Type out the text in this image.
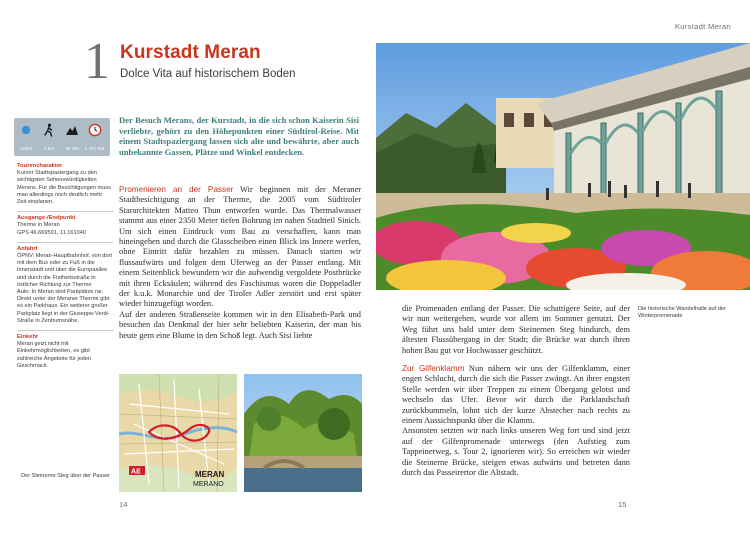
1 Kurstadt Meran
Dolce Vita auf historischem Boden
Leicht	3 km	50 Hm	1–1½ Std.
Tourencharakter
Kurzer Stadtspaziergang zu den wichtigsten Sehenswürdigkeiten Merans. Für die Besichtigungen muss man allerdings noch deutlich mehr Zeit einplanen.
Ausgangs-/Endpunkt
Therme in Meran
GPS 46.669591, 11.161040
Anfahrt
ÖPNV: Meran-Hauptbahnhof, von dort mit dem Bus oder zu Fuß in die Innenstadt und über die Europaallee und durch die Freiheitsstraße in östlicher Richtung zur Therme
Auto: In Meran sind Parkplätze rar. Direkt unter der Meraner Therme gibt es ein Parkhaus. Ein weiterer großer Parkplatz liegt in der Giuseppe-Verdi-Straße in Zentrumsnähe.
Einkehr
Meran geizt nicht mit Einkehrmöglichkeiten, es gibt zahlreiche Angebote für jeden Geschmack.
Der Besuch Merans, der Kurstadt, in die sich schon Kaiserin Sisi verliebte, gehört zu den Höhepunkten einer Südtirol-Reise. Mit einem Stadtspaziergang lassen sich alte und bewährte, aber auch unbekannte Gassen, Plätze und Winkel entdecken.
Promenieren an der Passer Wir beginnen mit der Meraner Stadtbesichtigung an der Therme, die 2005 vom Südtiroler Stararchitekten Matteo Thun entworfen wurde. Das Thermalwasser stammt aus einer 2350 Meter tiefen Bohrung im nahen Stadtteil Sinich. Um sich einen Eindruck vom Bau zu verschaffen, kann man hineingehen und durch die Glasscheiben einen Blick ins Innere werfen, ohne Eintritt dafür bezahlen zu müssen. Danach starten wir flussaufwärts und folgen dem Uferweg an der Passer entlang. Mit einem Seitenblick bewundern wir die aufwendig vergoldete Postbrücke mit ihren Ecksäulen; während des Faschismus waren die Doppeladler der k.u.k. Monarchie und der Tiroler Adler zerstört und erst später wieder hinzugefügt worden.
Auf der anderen Straßenseite kommen wir in den Elisabeth-Park und besuchen das Denkmal der hier sehr beliebten Kaiserin, der man bis heute gern eine Blume in den Schoß legt. Auch Sisi liebte
AE	MERAN
MERANO
Der Steinerne Steg über der Passer
14
Kurstadt Meran
die Promenaden entlang der Passer. Die schattigere Seite, auf der wir nun weitergehen, wurde vor allem im Sommer genutzt. Der Weg führt uns bald unter dem Steinernen Steg hindurch, dem ältesten Flussübergang in der Stadt; die Brücke war durch ihren hohen Bau gut vor Hochwasser geschützt.
Zur Gilfenklamm Nun nähern wir uns der Gilfenklamm, einer engen Schlucht, durch die sich die Passer zwängt. An ihrer engsten Stelle werden wir über Treppen zu einem Übergang gelotst und wechseln das Ufer. Bevor wir durch die Parklandschaft zurückbummeln, lohnt sich der kurze Abstecher nach rechts zu einem Aussichtspunkt über die Klamm.
Ansonsten setzten wir nach links unseren Weg fort und sind jetzt auf der Gilfenpromenade unterwegs (den Aufstieg zum Tappeinerweg, s. Tour 2, ignorieren wir). So erreichen wir wieder die Steinerne Brücke, steigen etwas aufwärts und betreten dann durch das Passeirertor die Altstadt.
Die historische Wandelhalle auf der Winterpromenade
15
